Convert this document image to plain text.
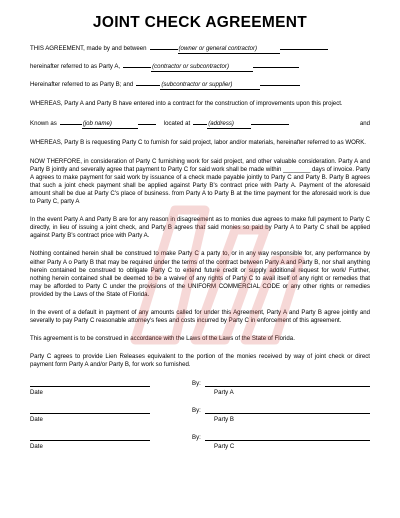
JOINT CHECK AGREEMENT
THIS AGREEMENT, made by and between	(owner or general contractor)
hereinafter referred to as Party A,	(contractor or subcontractor)
Hereinafter referred to as Party B; and	(subcontractor or supplier)

WHEREAS, Party A and Party B have entered into a contract for the construction of improvements upon this project.

Known as	(job name)	located at	(address)	and

WHEREAS, Party B is requesting Party C to furnish for said project, labor and/or materials, hereinafter referred to as WORK.

NOW THERFORE, in consideration of Party C furnishing work for said project, and other valuable consideration. Party A and Party B jointly and severally agree that payment to Party C for said work shall be made within ________ days of invoice. Party A agrees to make payment for said work by issuance of a check made payable jointly to Party C and Party B. Party B agrees that such a joint check payment shall be applied against Party B's contract price with Party A. Payment of the aforesaid amount shall be due at Party C's place of business. from Party A to Party B at the time payment for the aforesaid work is due to Party C, party A

In the event Party A and Party B are for any reason in disagreement as to monies due agrees to make full payment to Party C directly, in lieu of issuing a joint check, and Party B agrees that said monies so paid by Party A to Party C shall be applied against Party B's contract price with Party A.

Nothing contained herein shall be construed to make Party C a party to, or in any way responsible for, any performance by either Party A o Party B that may be required under the terms of the contract between Party A and Party B, nor shall anything herein contained be construed to obligate Party C to extend future credit or supply additional request for work/ Further, nothing herein contained shall be deemed to be a waiver of any rights of Party C to avail itself of any right or remedies that may be afforded to Party C under the provisions of the UNIFORM COMMERCIAL CODE or any other rights or remedies provided by the Laws of the State of Florida.

In the event of a default in payment of any amounts called for under this Agreement, Party A and Party B agree jointly and severally to pay Party C reasonable attorney's fees and costs incurred by Party C in enforcement of this agreement.

This agreement is to be construed in accordance with the Laws of the Laws of the State of Florida.

Party C agrees to provide Lien Releases equivalent to the portion of the monies received by way of joint check or direct payment form Party A and/or Party B, for work so furnished.

Date
By:
Party A
Date
By:
Party B
Date
By:
Party C
